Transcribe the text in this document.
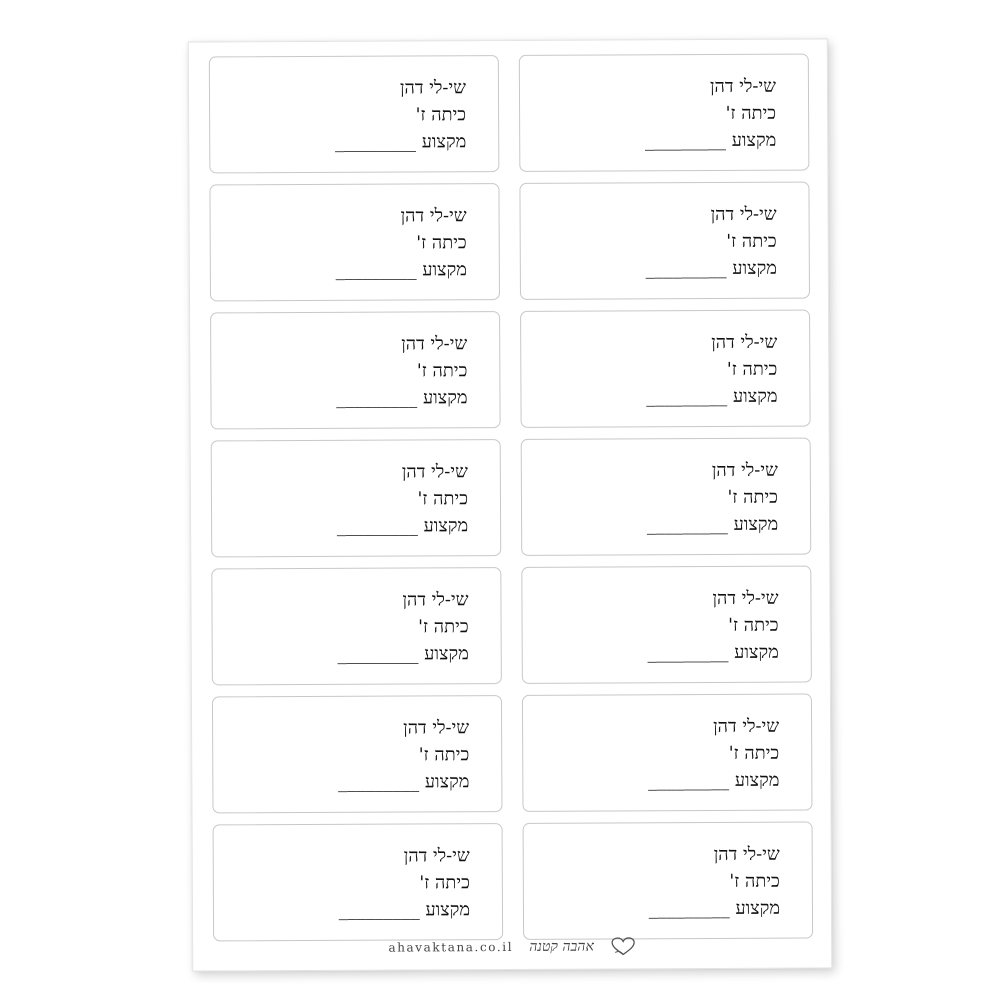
שי-לי דהן
כיתה ז'
מקצוע _________
שי-לי דהן
כיתה ז'
מקצוע _________
שי-לי דהן
כיתה ז'
מקצוע _________
שי-לי דהן
כיתה ז'
מקצוע _________
שי-לי דהן
כיתה ז'
מקצוע _________
שי-לי דהן
כיתה ז'
מקצוע _________
שי-לי דהן
כיתה ז'
מקצוע _________
שי-לי דהן
כיתה ז'
מקצוע _________
שי-לי דהן
כיתה ז'
מקצוע _________
שי-לי דהן
כיתה ז'
מקצוע _________
שי-לי דהן
כיתה ז'
מקצוע _________
שי-לי דהן
כיתה ז'
מקצוע _________
שי-לי דהן
כיתה ז'
מקצוע _________
שי-לי דהן
כיתה ז'
מקצוע _________
ahavaktana.co.il אהבה קטנה
